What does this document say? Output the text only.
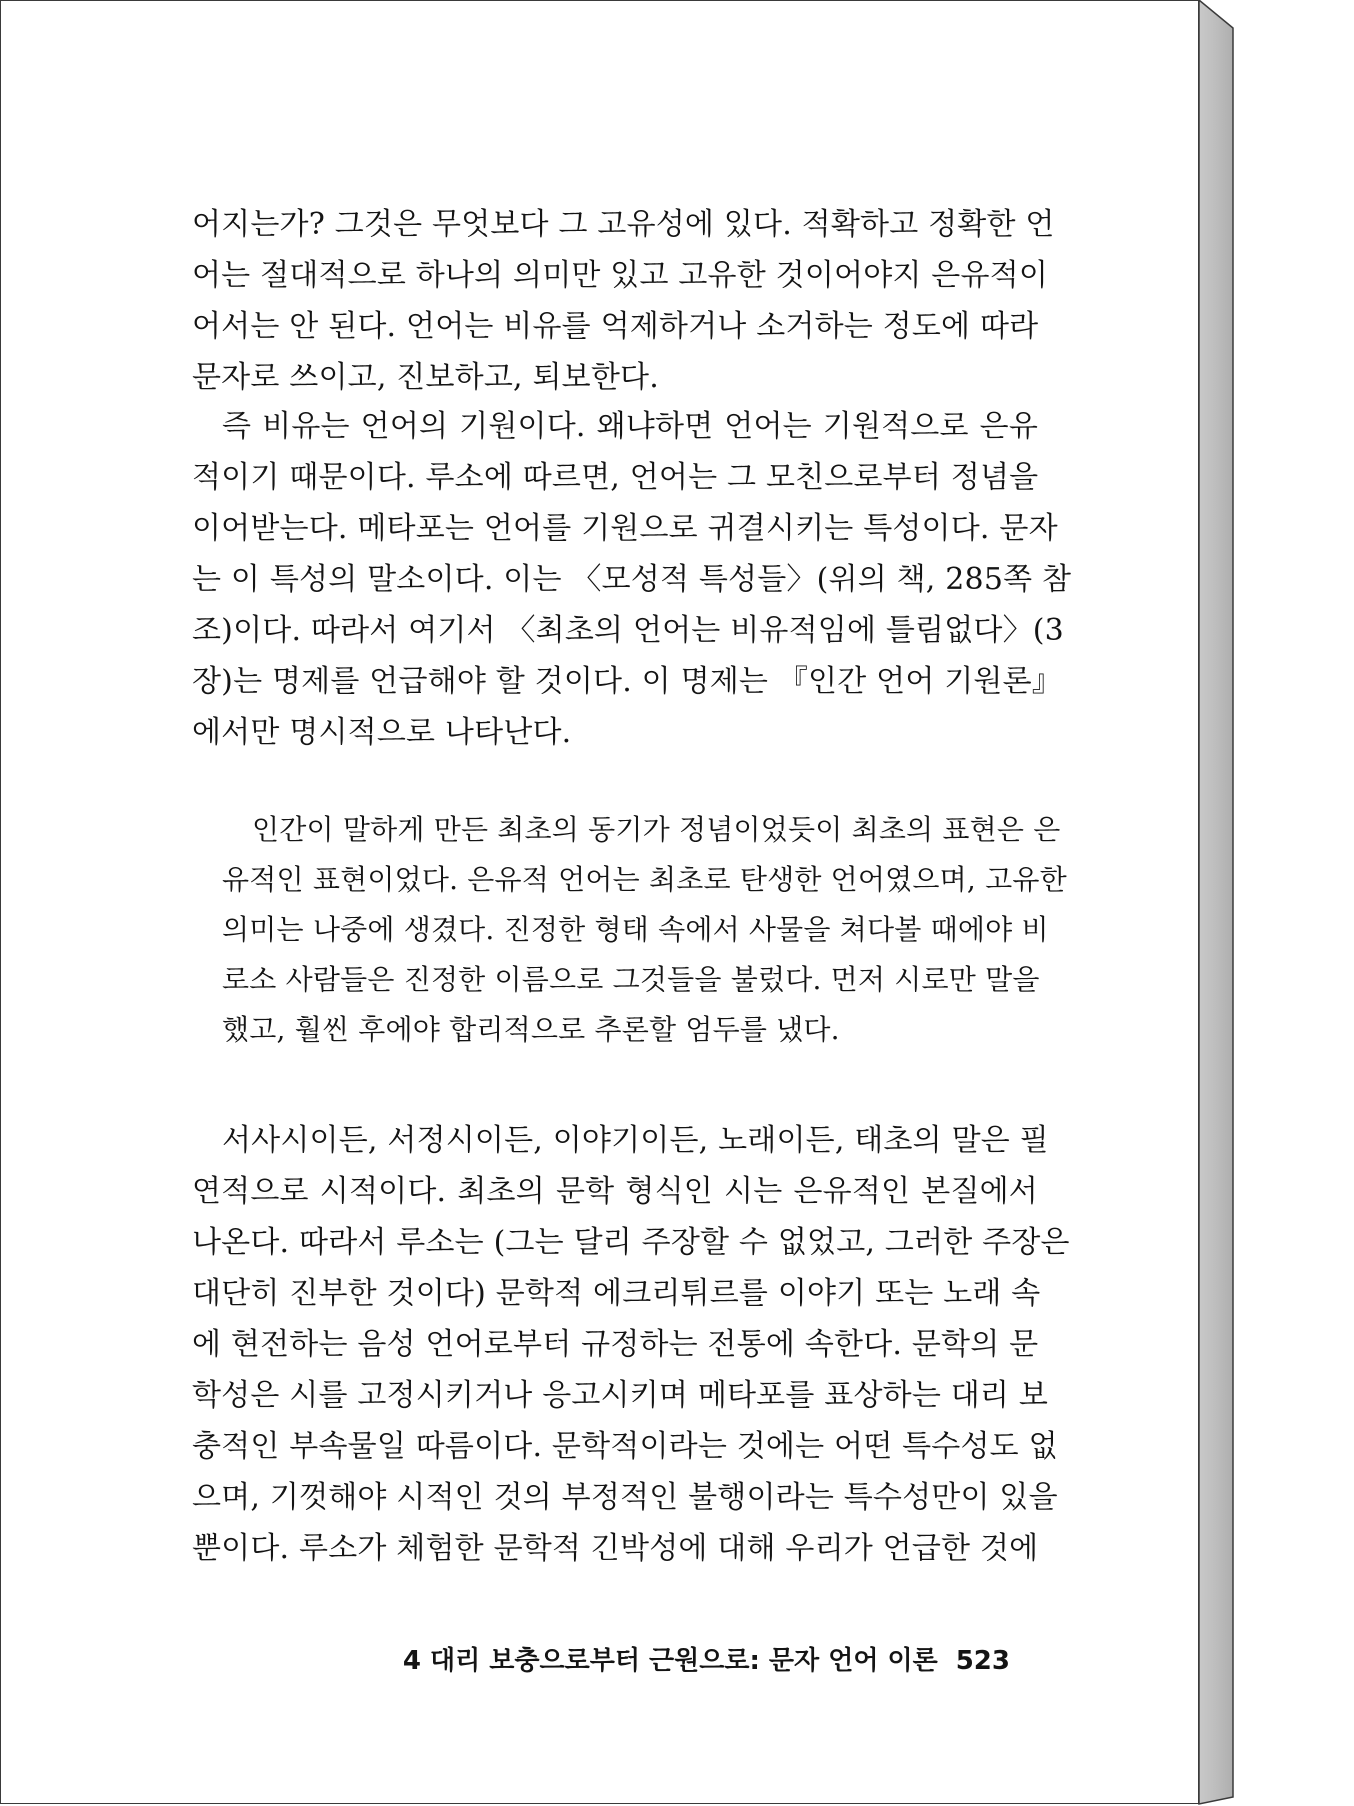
어지는가? 그것은 무엇보다 그 고유성에 있다. 적확하고 정확한 언
어는 절대적으로 하나의 의미만 있고 고유한 것이어야지 은유적이
어서는 안 된다. 언어는 비유를 억제하거나 소거하는 정도에 따라
문자로 쓰이고, 진보하고, 퇴보한다.
즉 비유는 언어의 기원이다. 왜냐하면 언어는 기원적으로 은유
적이기 때문이다. 루소에 따르면, 언어는 그 모친으로부터 정념을
이어받는다. 메타포는 언어를 기원으로 귀결시키는 특성이다. 문자
는 이 특성의 말소이다. 이는 〈모성적 특성들〉(위의 책, 285쪽 참
조)이다. 따라서 여기서 〈최초의 언어는 비유적임에 틀림없다〉(3
장)는 명제를 언급해야 할 것이다. 이 명제는 『인간 언어 기원론』
에서만 명시적으로 나타난다.
인간이 말하게 만든 최초의 동기가 정념이었듯이 최초의 표현은 은
유적인 표현이었다. 은유적 언어는 최초로 탄생한 언어였으며, 고유한
의미는 나중에 생겼다. 진정한 형태 속에서 사물을 쳐다볼 때에야 비
로소 사람들은 진정한 이름으로 그것들을 불렀다. 먼저 시로만 말을
했고, 훨씬 후에야 합리적으로 추론할 엄두를 냈다.
서사시이든, 서정시이든, 이야기이든, 노래이든, 태초의 말은 필
연적으로 시적이다. 최초의 문학 형식인 시는 은유적인 본질에서
나온다. 따라서 루소는 (그는 달리 주장할 수 없었고, 그러한 주장은
대단히 진부한 것이다) 문학적 에크리튀르를 이야기 또는 노래 속
에 현전하는 음성 언어로부터 규정하는 전통에 속한다. 문학의 문
학성은 시를 고정시키거나 응고시키며 메타포를 표상하는 대리 보
충적인 부속물일 따름이다. 문학적이라는 것에는 어떤 특수성도 없
으며, 기껏해야 시적인 것의 부정적인 불행이라는 특수성만이 있을
뿐이다. 루소가 체험한 문학적 긴박성에 대해 우리가 언급한 것에
4 대리 보충으로부터 근원으로: 문자 언어 이론 523
